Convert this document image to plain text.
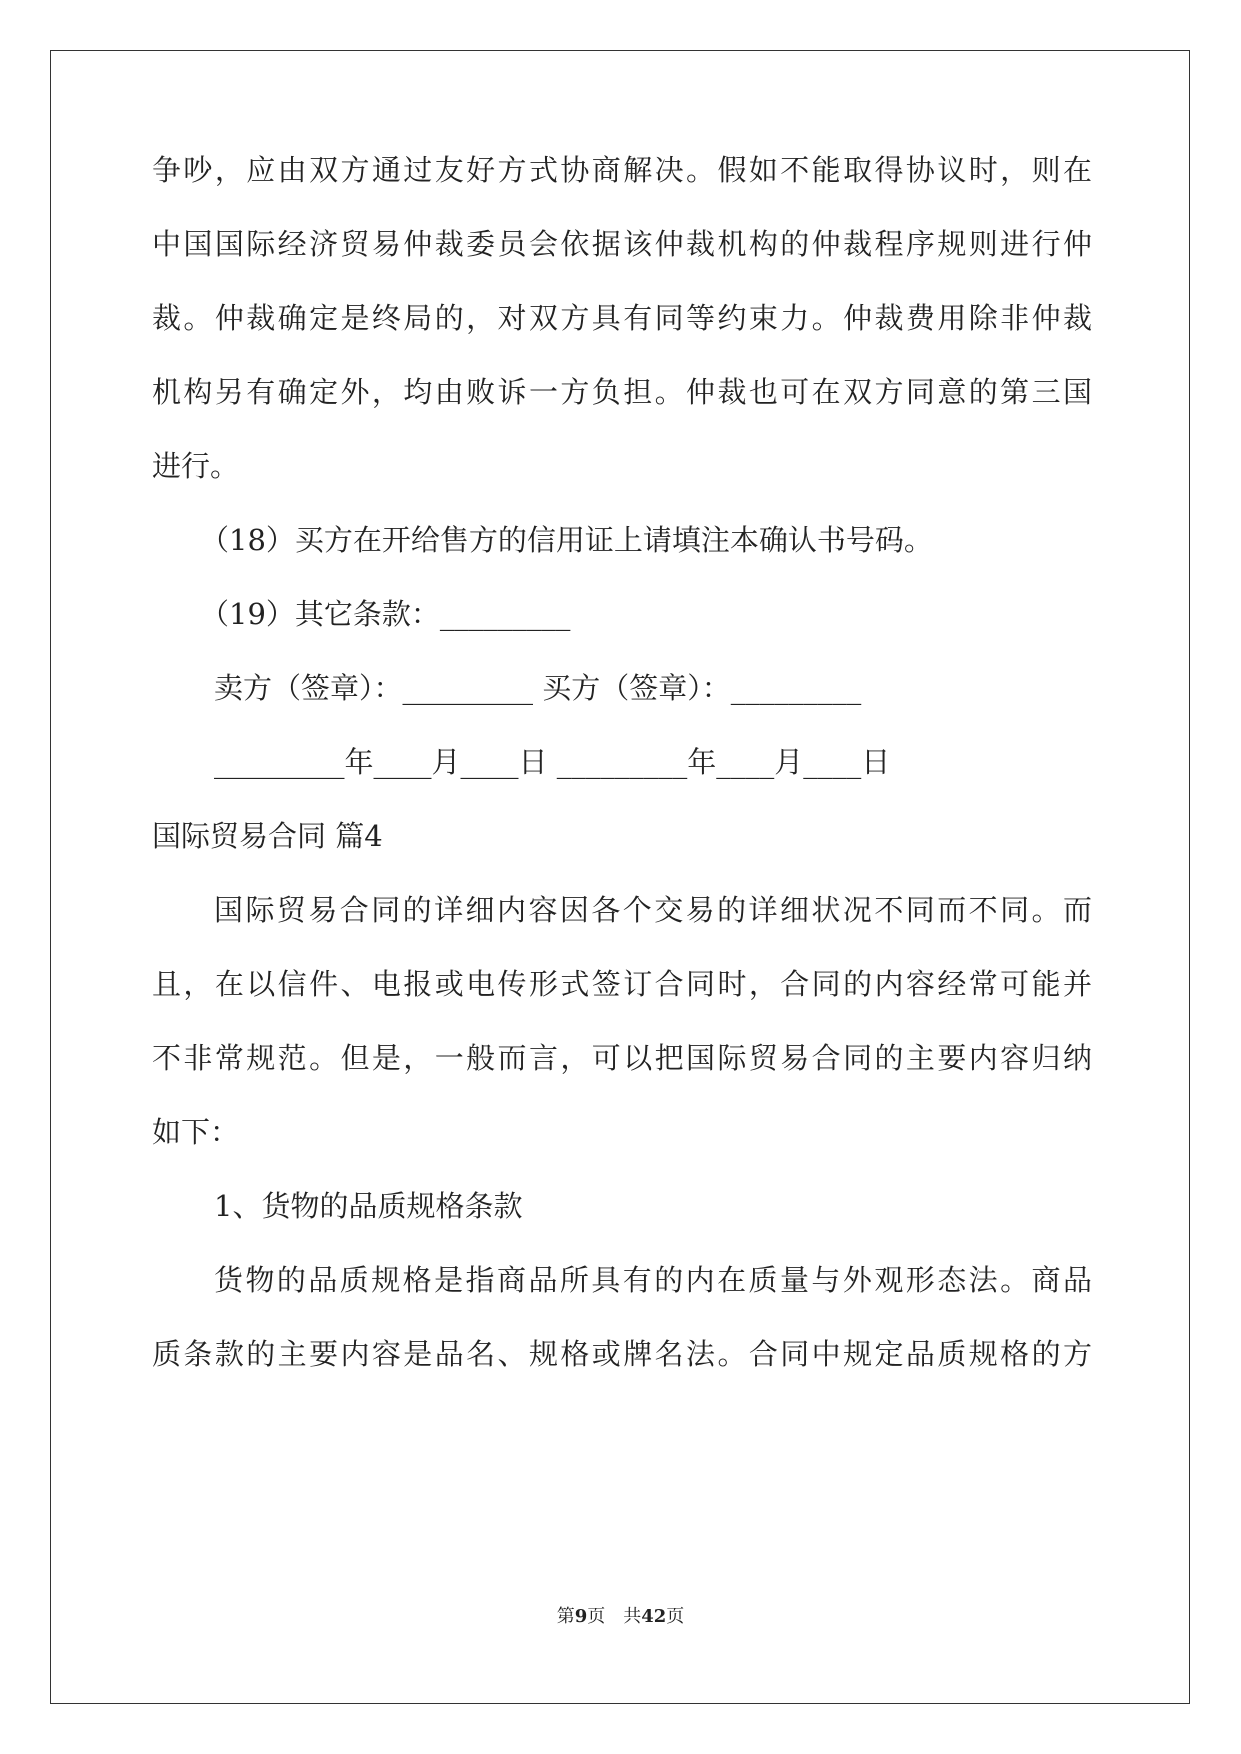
争吵，应由双方通过友好方式协商解决。假如不能取得协议时，则在
中国国际经济贸易仲裁委员会依据该仲裁机构的仲裁程序规则进行仲
裁。仲裁确定是终局的，对双方具有同等约束力。仲裁费用除非仲裁
机构另有确定外，均由败诉一方负担。仲裁也可在双方同意的第三国
进行。
（18）买方在开给售方的信用证上请填注本确认书号码。
（19）其它条款：_________
卖方（签章）：_________ 买方（签章）：_________
_________年____月____日 _________年____月____日
国际贸易合同 篇4
国际贸易合同的详细内容因各个交易的详细状况不同而不同。而
且，在以信件、电报或电传形式签订合同时，合同的内容经常可能并
不非常规范。但是，一般而言，可以把国际贸易合同的主要内容归纳
如下：
1、货物的品质规格条款
货物的品质规格是指商品所具有的内在质量与外观形态法。商品
质条款的主要内容是品名、规格或牌名法。合同中规定品质规格的方
第9页　共42页
